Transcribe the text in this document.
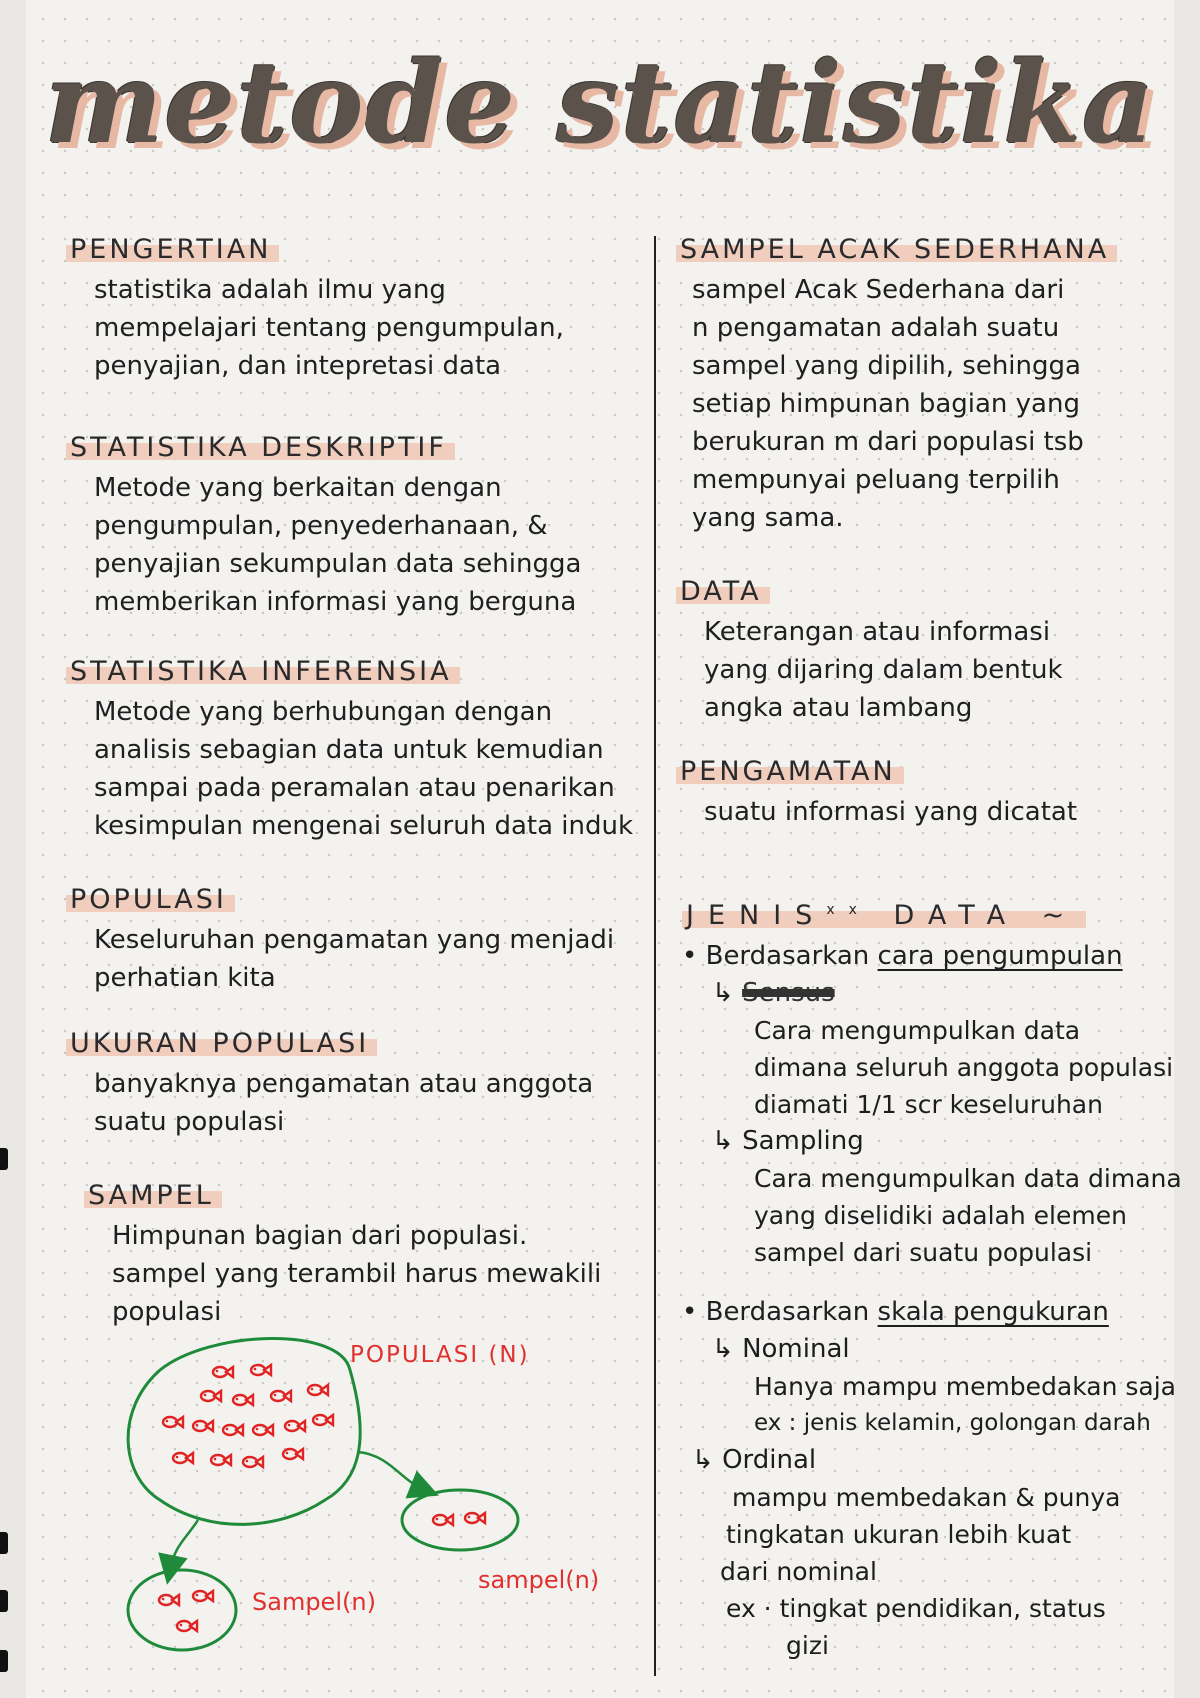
metode statistika
PENGERTIAN
statistika adalah ilmu yang
mempelajari tentang pengumpulan,
penyajian, dan intepretasi data
STATISTIKA DESKRIPTIF
Metode yang berkaitan dengan
pengumpulan, penyederhanaan, &
penyajian sekumpulan data sehingga
memberikan informasi yang berguna
STATISTIKA INFERENSIA
Metode yang berhubungan dengan
analisis sebagian data untuk kemudian
sampai pada peramalan atau penarikan
kesimpulan mengenai seluruh data induk
POPULASI
Keseluruhan pengamatan yang menjadi
perhatian kita
UKURAN POPULASI
banyaknya pengamatan atau anggota
suatu populasi
SAMPEL
Himpunan bagian dari populasi.
sampel yang terambil harus mewakili
populasi
POPULASI (N)
sampel(n)
Sampel(n)
SAMPEL ACAK SEDERHANA
sampel Acak Sederhana dari
n pengamatan adalah suatu
sampel yang dipilih, sehingga
setiap himpunan bagian yang
berukuran m dari populasi tsb
mempunyai peluang terpilih
yang sama.
DATA
Keterangan atau informasi
yang dijaring dalam bentuk
angka atau lambang
PENGAMATAN
suatu informasi yang dicatat
JENIS$^{xx}$ DATA ~
• Berdasarkan cara pengumpulan
↳ Sensus
Cara mengumpulkan data
dimana seluruh anggota populasi
diamati 1/1 scr keseluruhan
↳ Sampling
Cara mengumpulkan data dimana
yang diselidiki adalah elemen
sampel dari suatu populasi
• Berdasarkan skala pengukuran
↳ Nominal
Hanya mampu membedakan saja
ex : jenis kelamin, golongan darah
↳ Ordinal
mampu membedakan & punya
tingkatan ukuran lebih kuat
dari nominal
ex · tingkat pendidikan, status
gizi
